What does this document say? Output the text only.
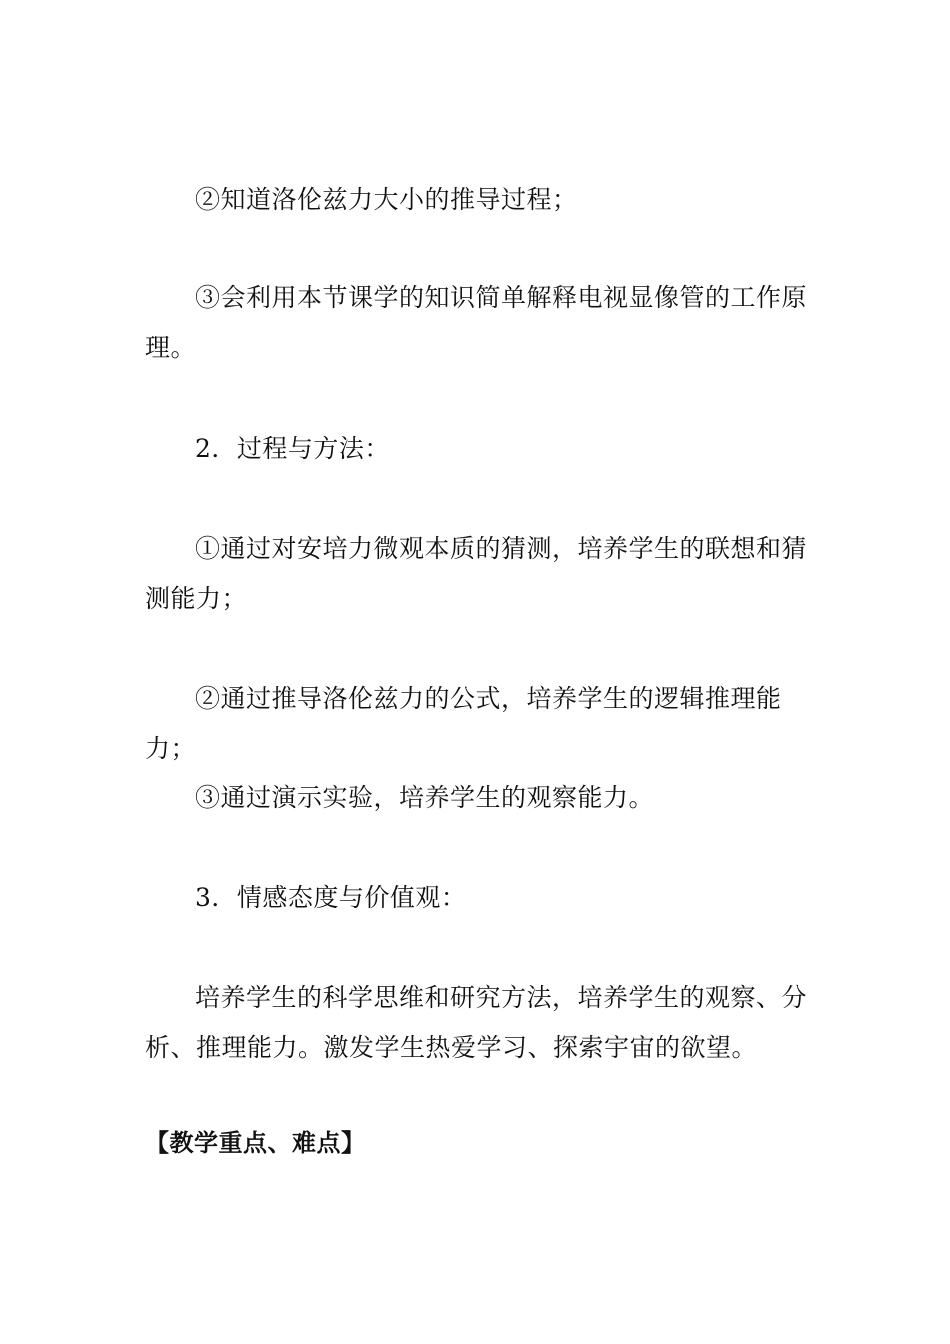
②知道洛伦兹力大小的推导过程；

③会利用本节课学的知识简单解释电视显像管的工作原理。

2．过程与方法：

①通过对安培力微观本质的猜测，培养学生的联想和猜测能力；

②通过推导洛伦兹力的公式，培养学生的逻辑推理能力；

③通过演示实验，培养学生的观察能力。

3．情感态度与价值观：

培养学生的科学思维和研究方法，培养学生的观察、分析、推理能力。激发学生热爱学习、探索宇宙的欲望。

【教学重点、难点】
